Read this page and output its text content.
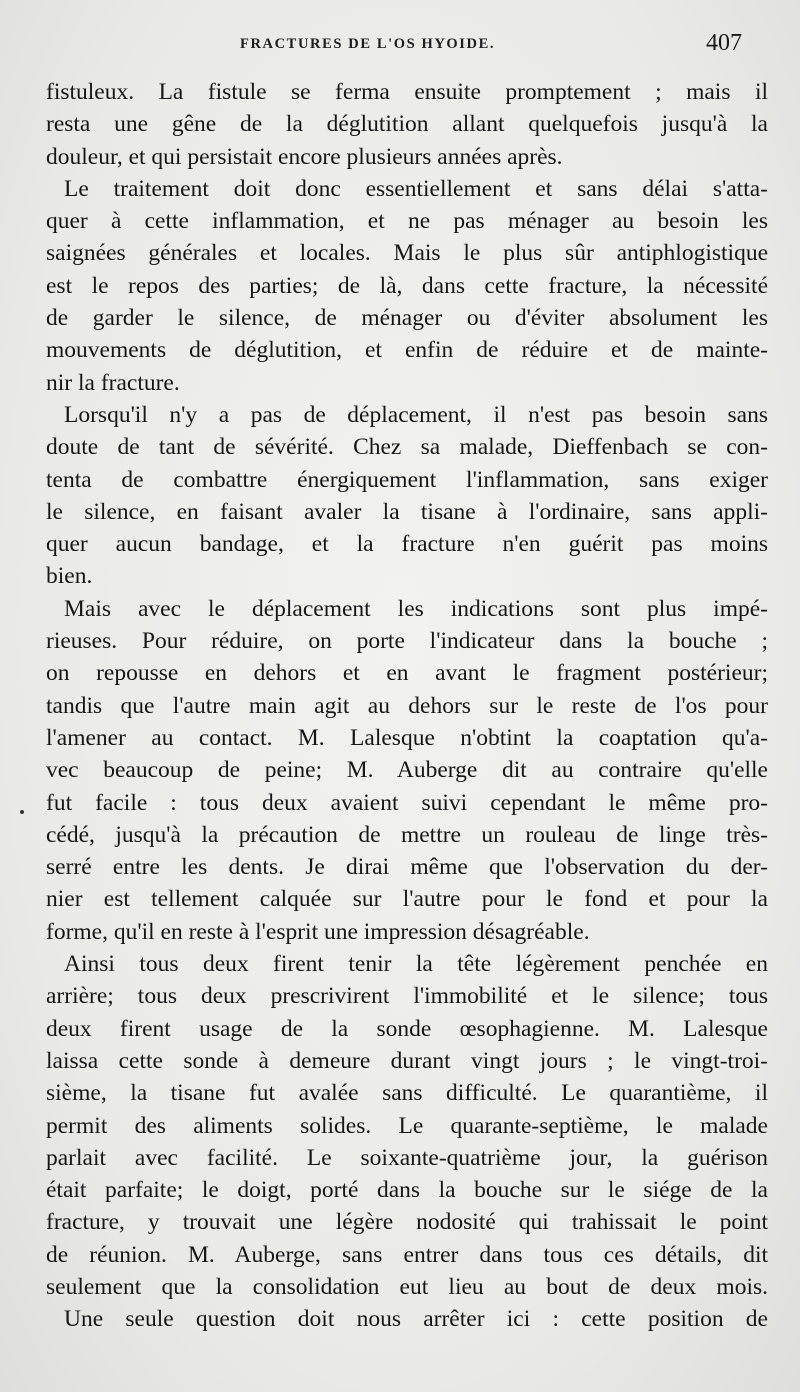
FRACTURES DE L'OS HYOIDE.	407
fistuleux. La fistule se ferma ensuite promptement ; mais il
resta une gêne de la déglutition allant quelquefois jusqu'à la
douleur, et qui persistait encore plusieurs années après.
Le traitement doit donc essentiellement et sans délai s'atta-
quer à cette inflammation, et ne pas ménager au besoin les
saignées générales et locales. Mais le plus sûr antiphlogistique
est le repos des parties; de là, dans cette fracture, la nécessité
de garder le silence, de ménager ou d'éviter absolument les
mouvements de déglutition, et enfin de réduire et de mainte-
nir la fracture.
Lorsqu'il n'y a pas de déplacement, il n'est pas besoin sans
doute de tant de sévérité. Chez sa malade, Dieffenbach se con-
tenta de combattre énergiquement l'inflammation, sans exiger
le silence, en faisant avaler la tisane à l'ordinaire, sans appli-
quer aucun bandage, et la fracture n'en guérit pas moins
bien.
Mais avec le déplacement les indications sont plus impé-
rieuses. Pour réduire, on porte l'indicateur dans la bouche ;
on repousse en dehors et en avant le fragment postérieur;
tandis que l'autre main agit au dehors sur le reste de l'os pour
l'amener au contact. M. Lalesque n'obtint la coaptation qu'a-
vec beaucoup de peine; M. Auberge dit au contraire qu'elle
fut facile : tous deux avaient suivi cependant le même pro-
cédé, jusqu'à la précaution de mettre un rouleau de linge très-
serré entre les dents. Je dirai même que l'observation du der-
nier est tellement calquée sur l'autre pour le fond et pour la
forme, qu'il en reste à l'esprit une impression désagréable.
Ainsi tous deux firent tenir la tête légèrement penchée en
arrière; tous deux prescrivirent l'immobilité et le silence; tous
deux firent usage de la sonde œsophagienne. M. Lalesque
laissa cette sonde à demeure durant vingt jours ; le vingt-troi-
sième, la tisane fut avalée sans difficulté. Le quarantième, il
permit des aliments solides. Le quarante-septième, le malade
parlait avec facilité. Le soixante-quatrième jour, la guérison
était parfaite; le doigt, porté dans la bouche sur le siége de la
fracture, y trouvait une légère nodosité qui trahissait le point
de réunion. M. Auberge, sans entrer dans tous ces détails, dit
seulement que la consolidation eut lieu au bout de deux mois.
Une seule question doit nous arrêter ici : cette position de
